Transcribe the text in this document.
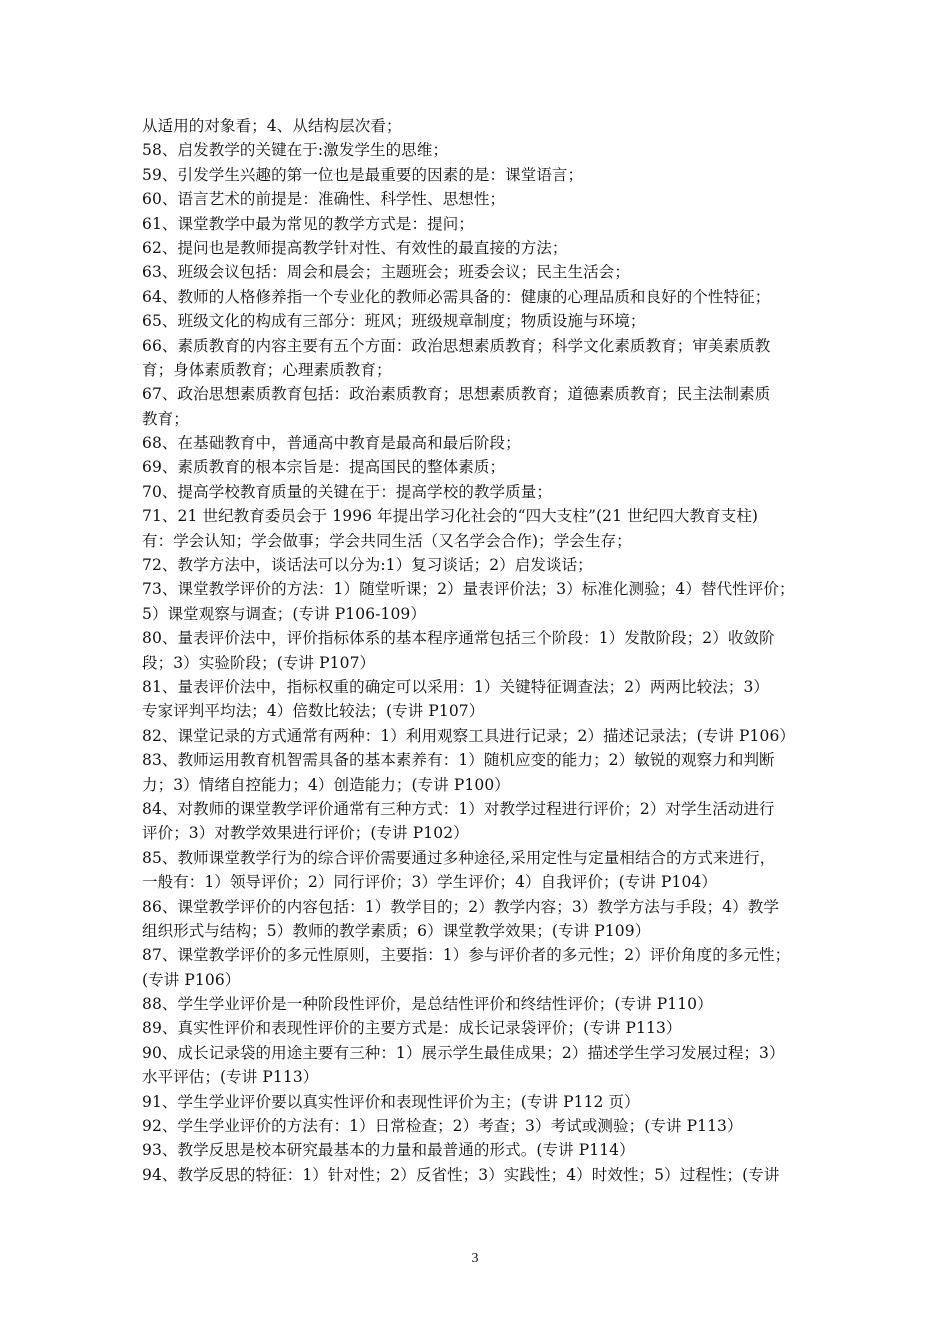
从适用的对象看；4、从结构层次看；
58、启发教学的关键在于:激发学生的思维；
59、引发学生兴趣的第一位也是最重要的因素的是：课堂语言；
60、语言艺术的前提是：准确性、科学性、思想性；
61、课堂教学中最为常见的教学方式是：提问；
62、提问也是教师提高教学针对性、有效性的最直接的方法；
63、班级会议包括：周会和晨会；主题班会；班委会议；民主生活会；
64、教师的人格修养指一个专业化的教师必需具备的：健康的心理品质和良好的个性特征；
65、班级文化的构成有三部分：班风；班级规章制度；物质设施与环境；
66、素质教育的内容主要有五个方面：政治思想素质教育；科学文化素质教育；审美素质教
育；身体素质教育；心理素质教育；
67、政治思想素质教育包括：政治素质教育；思想素质教育；道德素质教育；民主法制素质
教育；
68、在基础教育中，普通高中教育是最高和最后阶段；
69、素质教育的根本宗旨是：提高国民的整体素质；
70、提高学校教育质量的关键在于：提高学校的教学质量；
71、21 世纪教育委员会于 1996 年提出学习化社会的“四大支柱”(21 世纪四大教育支柱)
有：学会认知；学会做事；学会共同生活（又名学会合作)；学会生存；
72、教学方法中，谈话法可以分为:1）复习谈话；2）启发谈话；
73、课堂教学评价的方法：1）随堂听课；2）量表评价法；3）标准化测验；4）替代性评价；
5）课堂观察与调查；(专讲 P106-109）
80、量表评价法中，评价指标体系的基本程序通常包括三个阶段：1）发散阶段；2）收敛阶
段；3）实验阶段；(专讲 P107）
81、量表评价法中，指标权重的确定可以采用：1）关键特征调查法；2）两两比较法；3）
专家评判平均法；4）倍数比较法；(专讲 P107）
82、课堂记录的方式通常有两种：1）利用观察工具进行记录；2）描述记录法；(专讲 P106）
83、教师运用教育机智需具备的基本素养有：1）随机应变的能力；2）敏锐的观察力和判断
力；3）情绪自控能力；4）创造能力；(专讲 P100）
84、对教师的课堂教学评价通常有三种方式：1）对教学过程进行评价；2）对学生活动进行
评价；3）对教学效果进行评价；(专讲 P102）
85、教师课堂教学行为的综合评价需要通过多种途径,采用定性与定量相结合的方式来进行，
一般有：1）领导评价；2）同行评价；3）学生评价；4）自我评价；(专讲 P104）
86、课堂教学评价的内容包括：1）教学目的；2）教学内容；3）教学方法与手段；4）教学
组织形式与结构；5）教师的教学素质；6）课堂教学效果；(专讲 P109）
87、课堂教学评价的多元性原则，主要指：1）参与评价者的多元性；2）评价角度的多元性；
(专讲 P106）
88、学生学业评价是一种阶段性评价，是总结性评价和终结性评价；(专讲 P110）
89、真实性评价和表现性评价的主要方式是：成长记录袋评价；(专讲 P113）
90、成长记录袋的用途主要有三种：1）展示学生最佳成果；2）描述学生学习发展过程；3）
水平评估；(专讲 P113）
91、学生学业评价要以真实性评价和表现性评价为主；(专讲 P112 页）
92、学生学业评价的方法有：1）日常检查；2）考查；3）考试或测验；(专讲 P113）
93、教学反思是校本研究最基本的力量和最普通的形式。(专讲 P114）
94、教学反思的特征：1）针对性；2）反省性；3）实践性；4）时效性；5）过程性；(专讲
3
